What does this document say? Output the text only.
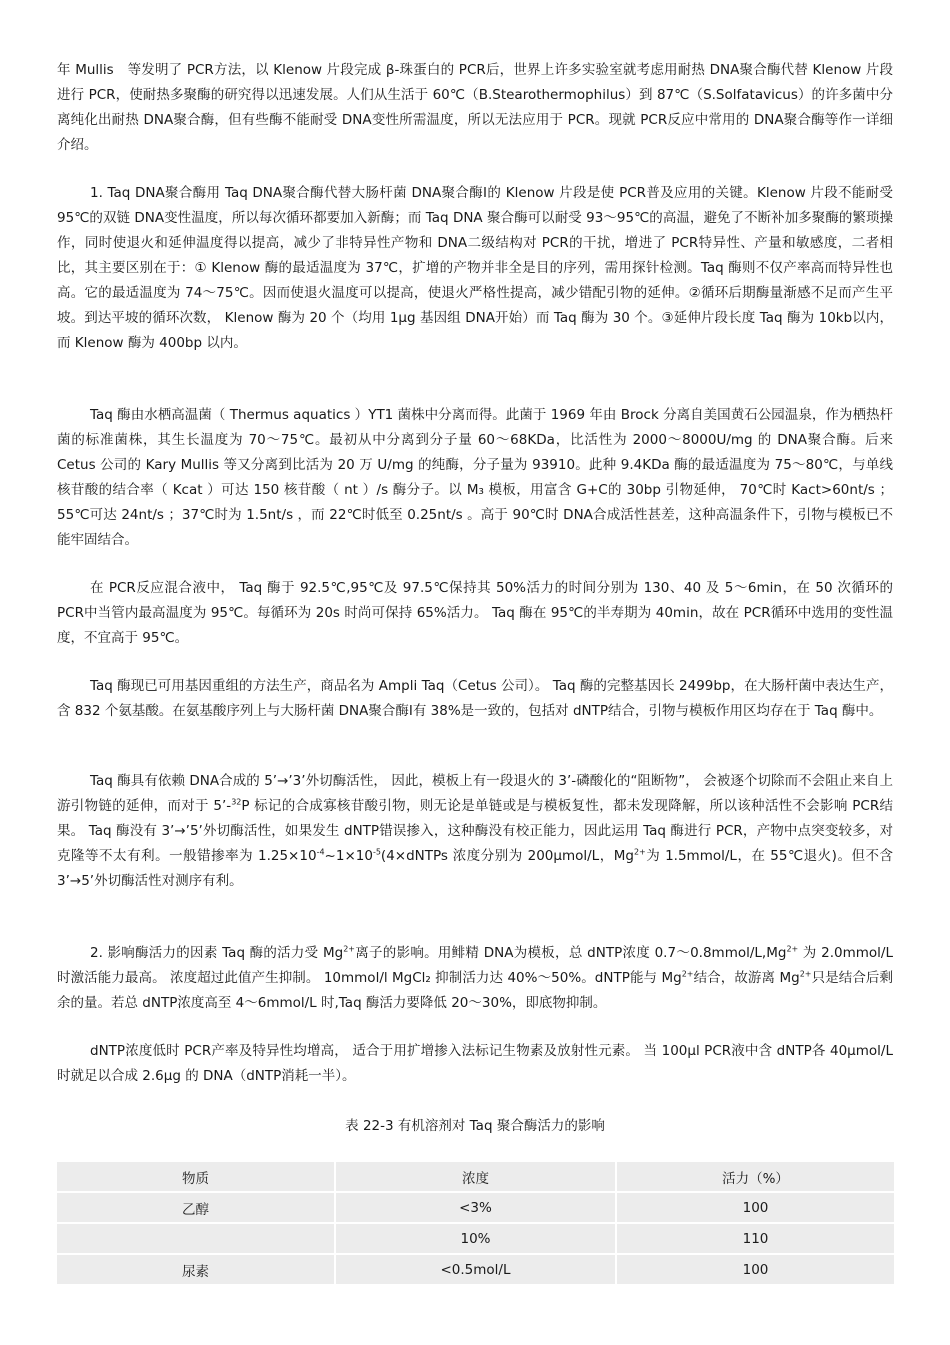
年 Mullis　等发明了 PCR方法，以 Klenow 片段完成 β-珠蛋白的 PCR后，世界上许多实验室就考虑用耐热 DNA聚合酶代替 Klenow 片段进行 PCR，使耐热多聚酶的研究得以迅速发展。人们从生活于 60℃（B.Stearothermophilus）到 87℃（S.Solfatavicus）的许多菌中分离纯化出耐热 DNA聚合酶，但有些酶不能耐受 DNA变性所需温度，所以无法应用于 PCR。现就 PCR反应中常用的 DNA聚合酶等作一详细介绍。

1. Taq DNA聚合酶用 Taq DNA聚合酶代替大肠杆菌 DNA聚合酶Ⅰ的 Klenow 片段是使 PCR普及应用的关键。Klenow 片段不能耐受 95℃的双链 DNA变性温度，所以每次循环都要加入新酶；而 Taq DNA 聚合酶可以耐受 93～95℃的高温，避免了不断补加多聚酶的繁琐操作，同时使退火和延伸温度得以提高，减少了非特异性产物和 DNA二级结构对 PCR的干扰，增进了 PCR特异性、产量和敏感度，二者相比，其主要区别在于：① Klenow 酶的最适温度为 37℃，扩增的产物并非全是目的序列，需用探针检测。Taq 酶则不仅产率高而特异性也高。它的最适温度为 74～75℃。因而使退火温度可以提高，使退火严格性提高，减少错配引物的延伸。②循环后期酶量渐感不足而产生平坡。到达平坡的循环次数， Klenow 酶为 20 个（均用 1μg 基因组 DNA开始）而 Taq 酶为 30 个。③延伸片段长度 Taq 酶为 10kb以内，而 Klenow 酶为 400bp 以内。

Taq 酶由水栖高温菌（ Thermus aquatics ）YT1 菌株中分离而得。此菌于 1969 年由 Brock 分离自美国黄石公园温泉，作为栖热杆菌的标准菌株，其生长温度为 70～75℃。最初从中分离到分子量 60～68KDa，比活性为 2000～8000U/mg 的 DNA聚合酶。后来 Cetus 公司的 Kary Mullis 等又分离到比活为 20 万 U/mg 的纯酶，分子量为 93910。此种 9.4KDa 酶的最适温度为 75～80℃，与单线核苷酸的结合率（ Kcat ）可达 150 核苷酸（ nt ）/s 酶分子。以 M₃ 模板，用富含 G+C的 30bp 引物延伸， 70℃时 Kact>60nt/s ；55℃可达 24nt/s ；37℃时为 1.5nt/s ，而 22℃时低至 0.25nt/s 。高于 90℃时 DNA合成活性甚差，这种高温条件下，引物与模板已不能牢固结合。

在 PCR反应混合液中， Taq 酶于 92.5℃,95℃及 97.5℃保持其 50%活力的时间分别为 130、40 及 5～6min，在 50 次循环的 PCR中当管内最高温度为 95℃。每循环为 20s 时尚可保持 65%活力。 Taq 酶在 95℃的半寿期为 40min，故在 PCR循环中选用的变性温度，不宜高于 95℃。

Taq 酶现已可用基因重组的方法生产，商品名为 Ampli Taq（Cetus 公司）。 Taq 酶的完整基因长 2499bp，在大肠杆菌中表达生产， 含 832 个氨基酸。在氨基酸序列上与大肠杆菌 DNA聚合酶Ⅰ有 38%是一致的，包括对 dNTP结合，引物与模板作用区均存在于 Taq 酶中。

Taq 酶具有依赖 DNA合成的 5’→’3’外切酶活性， 因此，模板上有一段退火的 3’-磷酸化的“阻断物”， 会被逐个切除而不会阻止来自上游引物链的延伸，而对于 5’-$^{32}$P 标记的合成寡核苷酸引物，则无论是单链或是与模板复性，都未发现降解，所以该种活性不会影响 PCR结果。 Taq 酶没有 3’→’5’外切酶活性，如果发生 dNTP错误掺入，这种酶没有校正能力，因此运用 Taq 酶进行 PCR，产物中点突变较多，对克隆等不太有利。一般错掺率为 $1.25\times 10^{-4}\sim 1\times 10^{-5}(4\times dNTPs$ 浓度分别为 200μmol/L，$Mg^{2+}$为 1.5mmol/L，在 55℃退火)。但不含 3’→5’外切酶活性对测序有利。

2. 影响酶活力的因素 Taq 酶的活力受 $Mg^{2+}$离子的影响。用鲱精 DNA为模板，总 dNTP浓度 $0.7\sim 0.8mmol/L,Mg^{2+}$ 为 2.0mmol/L 时激活能力最高。 浓度超过此值产生抑制。 10mmol/l MgCl₂ 抑制活力达 40%～50%。dNTP能与 $Mg^{2+}$结合，故游离 $Mg^{2+}$只是结合后剩余的量。若总 dNTP浓度高至 4～6mmol/L 时,Taq 酶活力要降低 20～30%，即底物抑制。

dNTP浓度低时 PCR产率及特异性均增高， 适合于用扩增掺入法标记生物素及放射性元素。 当 100μl PCR液中含 dNTP各 40μmol/L 时就足以合成 2.6μg 的 DNA（dNTP消耗一半）。

表 22-3 有机溶剂对 Taq 聚合酶活力的影响
物质	浓度	活力（%）
乙醇	<3%	100
	10%	110
尿素	<0.5mol/L	100
